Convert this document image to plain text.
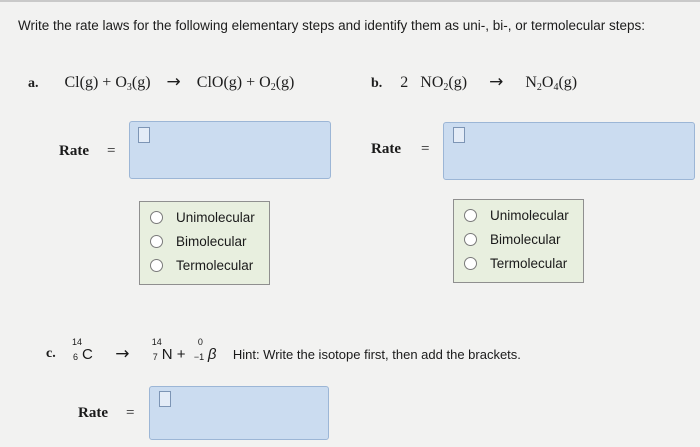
Write the rate laws for the following elementary steps and identify them as uni-, bi-, or termolecular steps:
a. $Cl(g) + O_3(g) \to ClO(g) + O_2(g)$	b. 2 $NO_2(g) \to N_2O_4(g)$
Rate =	Rate =
Unimolecular
Bimolecular
Termolecular
Unimolecular
Bimolecular
Termolecular
c.
14
6 C →
14
7 N +
0
−1 β Hint: Write the isotope first, then add the brackets.
Rate =
